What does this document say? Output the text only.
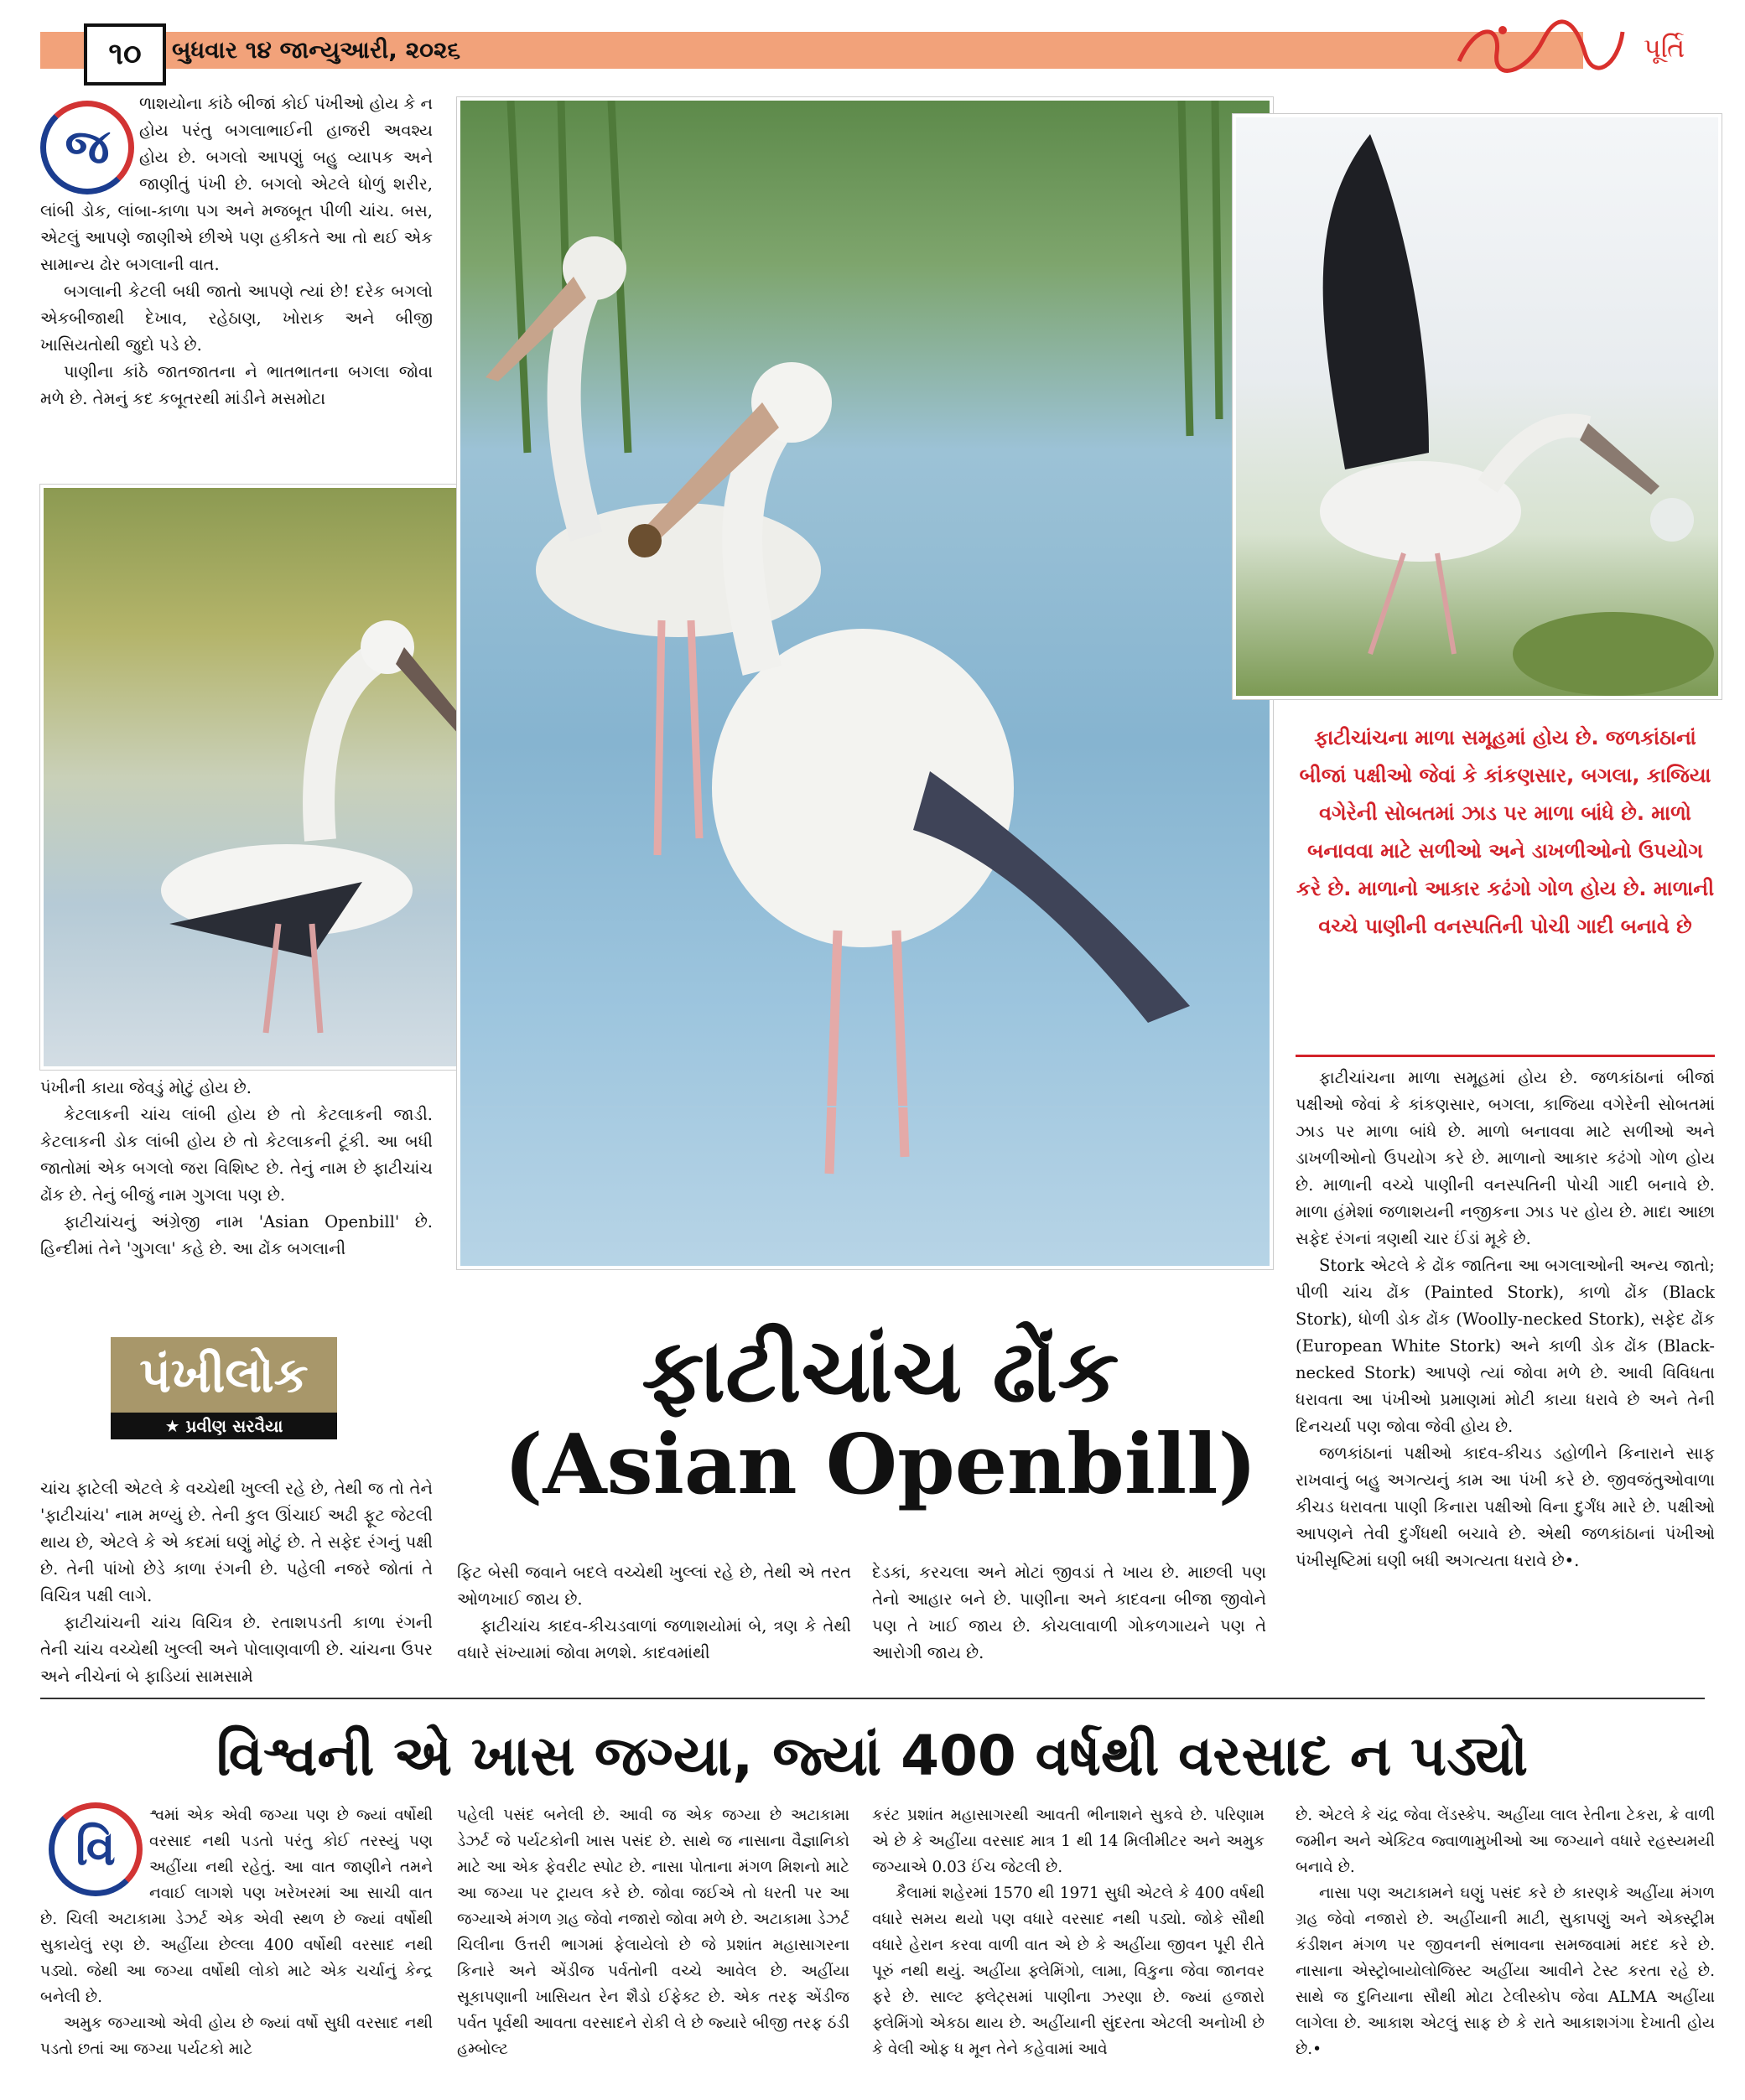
૧૦	બુધવાર ૧૪ જાન્યુઆરી, ૨૦૨૬	પૂર્તિ
જ

ળાશયોના કાંઠે બીજાં કોઈ પંખીઓ હોય કે ન હોય પરંતુ બગલાભાઈની હાજરી અવશ્ય હોય છે. બગલો આપણું બહુ વ્યાપક અને જાણીતું પંખી છે. બગલો એટલે ધોળું શરીર, લાંબી ડોક, લાંબા-કાળા પગ અને મજબૂત પીળી ચાંચ. બસ, એટલું આપણે જાણીએ છીએ પણ હકીકતે આ તો થઈ એક સામાન્ય ઢોર બગલાની વાત.

બગલાની કેટલી બધી જાતો આપણે ત્યાં છે! દરેક બગલો એકબીજાથી દેખાવ, રહેઠાણ, ખોરાક અને બીજી ખાસિયતોથી જુદો પડે છે.

પાણીના કાંઠે જાતજાતના ને ભાતભાતના બગલા જોવા મળે છે. તેમનું કદ કબૂતરથી માંડીને મસમોટા

પંખીની કાયા જેવડું મોટું હોય છે.

કેટલાકની ચાંચ લાંબી હોય છે તો કેટલાકની જાડી. કેટલાકની ડોક લાંબી હોય છે તો કેટલાકની ટૂંકી. આ બધી જાતોમાં એક બગલો જરા વિશિષ્ટ છે. તેનું નામ છે ફાટીચાંચ ઢોંક છે. તેનું બીજું નામ ગુગલા પણ છે.

ફાટીચાંચનું અંગ્રેજી નામ 'Asian Openbill' છે. હિન્દીમાં તેને 'ગુગલા' કહે છે. આ ઢોંક બગલાની

પંખીલોક
★ પ્રવીણ સરવૈયા

ચાંચ ફાટેલી એટલે કે વચ્ચેથી ખુલ્લી રહે છે, તેથી જ તો તેને 'ફાટીચાંચ' નામ મળ્યું છે. તેની કુલ ઊંચાઈ અઢી ફૂટ જેટલી થાય છે, એટલે કે એ કદમાં ઘણું મોટું છે. તે સફેદ રંગનું પક્ષી છે. તેની પાંખો છેડે કાળા રંગની છે. પહેલી નજરે જોતાં તે વિચિત્ર પક્ષી લાગે.

ફાટીચાંચની ચાંચ વિચિત્ર છે. રતાશપડતી કાળા રંગની તેની ચાંચ વચ્ચેથી ખુલ્લી અને પોલાણવાળી છે. ચાંચના ઉપર અને નીચેનાં બે ફાડિયાં સામસામે

ફાટીચાંચના માળા સમૂહમાં હોય છે. જળકાંઠાનાં બીજાં પક્ષીઓ જેવાં કે કાંકણસાર, બગલા, કાજિયા વગેરેની સોબતમાં ઝાડ પર માળા બાંધે છે. માળો બનાવવા માટે સળીઓ અને ડાખળીઓનો ઉપયોગ કરે છે. માળાનો આકાર કઢંગો ગોળ હોય છે. માળાની વચ્ચે પાણીની વનસ્પતિની પોચી ગાદી બનાવે છે

ફાટીચાંચના માળા સમૂહમાં હોય છે. જળકાંઠાનાં બીજાં પક્ષીઓ જેવાં કે કાંકણસાર, બગલા, કાજિયા વગેરેની સોબતમાં ઝાડ પર માળા બાંધે છે. માળો બનાવવા માટે સળીઓ અને ડાખળીઓનો ઉપયોગ કરે છે. માળાનો આકાર કઢંગો ગોળ હોય છે. માળાની વચ્ચે પાણીની વનસ્પતિની પોચી ગાદી બનાવે છે. માળા હંમેશાં જળાશયની નજીકના ઝાડ પર હોય છે. માદા આછા સફેદ રંગનાં ત્રણથી ચાર ઈંડાં મૂકે છે.

Stork એટલે કે ઢોંક જાતિના આ બગલાઓની અન્ય જાતો; પીળી ચાંચ ઢોંક (Painted Stork), કાળો ઢોંક (Black Stork), ધોળી ડોક ઢોંક (Woolly-necked Stork), સફેદ ઢોંક (European White Stork) અને કાળી ડોક ઢોંક (Black-necked Stork) આપણે ત્યાં જોવા મળે છે. આવી વિવિધતા ધરાવતા આ પંખીઓ પ્રમાણમાં મોટી કાયા ધરાવે છે અને તેની દિનચર્યા પણ જોવા જેવી હોય છે.

જળકાંઠાનાં પક્ષીઓ કાદવ-કીચડ ડહોળીને કિનારાને સાફ રાખવાનું બહુ અગત્યનું કામ આ પંખી કરે છે. જીવજંતુઓવાળા કીચડ ધરાવતા પાણી કિનારા પક્ષીઓ વિના દુર્ગંધ મારે છે. પક્ષીઓ આપણને તેવી દુર્ગંધથી બચાવે છે. એથી જળકાંઠાનાં પંખીઓ પંખીસૃષ્ટિમાં ઘણી બધી અગત્યતા ધરાવે છે•.

ફાટીચાંચ ઢોંક
(Asian Openbill)

ફિટ બેસી જવાને બદલે વચ્ચેથી ખુલ્લાં રહે છે, તેથી એ તરત ઓળખાઈ જાય છે.

ફાટીચાંચ કાદવ-કીચડવાળાં જળાશયોમાં બે, ત્રણ કે તેથી વધારે સંખ્યામાં જોવા મળશે. કાદવમાંથી

દેડકાં, કરચલા અને મોટાં જીવડાં તે ખાય છે. માછલી પણ તેનો આહાર બને છે. પાણીના અને કાદવના બીજા જીવોને પણ તે ખાઈ જાય છે. કોચલાવાળી ગોકળગાયને પણ તે આરોગી જાય છે.

વિશ્વની એ ખાસ જગ્યા, જ્યાં 400 વર્ષથી વરસાદ ન પડ્યો
વિ

શ્વમાં એક એવી જગ્યા પણ છે જ્યાં વર્ષોથી વરસાદ નથી પડતો પરંતુ કોઈ તરસ્યું પણ અહીંયા નથી રહેતું. આ વાત જાણીને તમને નવાઈ લાગશે પણ ખરેખરમાં આ સાચી વાત છે. ચિલી અટાકામા ડેઝર્ટ એક એવી સ્થળ છે જ્યાં વર્ષોથી સુકાયેલું રણ છે. અહીંયા છેલ્લા 400 વર્ષોથી વરસાદ નથી પડ્યો. જેથી આ જગ્યા વર્ષોથી લોકો માટે એક ચર્ચાનું કેન્દ્ર બનેલી છે.

અમુક જગ્યાઓ એવી હોય છે જ્યાં વર્ષો સુધી વરસાદ નથી પડતો છતાં આ જગ્યા પર્યટકો માટે

પહેલી પસંદ બનેલી છે. આવી જ એક જગ્યા છે અટાકામા ડેઝર્ટ જે પર્યટકોની ખાસ પસંદ છે. સાથે જ નાસાના વૈજ્ઞાનિકો માટે આ એક ફેવરીટ સ્પોટ છે. નાસા પોતાના મંગળ મિશનો માટે આ જગ્યા પર ટ્રાયલ કરે છે. જોવા જઈએ તો ધરતી પર આ જગ્યાએ મંગળ ગ્રહ જેવો નજારો જોવા મળે છે. અટાકામા ડેઝર્ટ ચિલીના ઉત્તરી ભાગમાં ફેલાયેલો છે જે પ્રશાંત મહાસાગરના કિનારે અને એંડીજ પર્વતોની વચ્ચે આવેલ છે. અહીંયા સૂકાપણાની ખાસિયત રેન શૈડો ઈફેક્ટ છે. એક તરફ એંડીજ પર્વત પૂર્વથી આવતા વરસાદને રોકી લે છે જ્યારે બીજી તરફ ઠંડી હમ્બોલ્ટ

કરંટ પ્રશાંત મહાસાગરથી આવતી ભીનાશને સુકવે છે. પરિણામ એ છે કે અહીંયા વરસાદ માત્ર 1 થી 14 મિલીમીટર અને અમુક જગ્યાએ 0.03 ઈંચ જેટલી છે.

કૈલામાં શહેરમાં 1570 થી 1971 સુધી એટલે કે 400 વર્ષથી વધારે સમય થયો પણ વધારે વરસાદ નથી પડ્યો. જોકે સૌથી વધારે હેરાન કરવા વાળી વાત એ છે કે અહીંયા જીવન પૂરી રીતે પૂરું નથી થયું. અહીંયા ફ્લેમિંગો, લામા, વિકુના જેવા જાનવર ફરે છે. સાલ્ટ ફ્લેટ્સમાં પાણીના ઝરણા છે. જ્યાં હજારો ફ્લેમિંગો એકઠા થાય છે. અહીંયાની સુંદરતા એટલી અનોખી છે કે વેલી ઓફ ધ મૂન તેને કહેવામાં આવે

છે. એટલે કે ચંદ્ર જેવા લેંડસ્કેપ. અહીંયા લાલ રેતીના ટેકરા, ક્રે વાળી જમીન અને એક્ટિવ જ્વાળામુખીઓ આ જગ્યાને વધારે રહસ્યમયી બનાવે છે.

નાસા પણ અટાકામને ઘણું પસંદ કરે છે કારણકે અહીંયા મંગળ ગ્રહ જેવો નજારો છે. અહીંયાની માટી, સુકાપણું અને એક્સ્ટ્રીમ કંડીશન મંગળ પર જીવનની સંભાવના સમજવામાં મદદ કરે છે. નાસાના એસ્ટ્રોબાયોલોજિસ્ટ અહીંયા આવીને ટેસ્ટ કરતા રહે છે. સાથે જ દુનિયાના સૌથી મોટા ટેલીસ્કોપ જેવા ALMA અહીંયા લાગેલા છે. આકાશ એટલું સાફ છે કે રાતે આકાશગંગા દેખાતી હોય છે.•
